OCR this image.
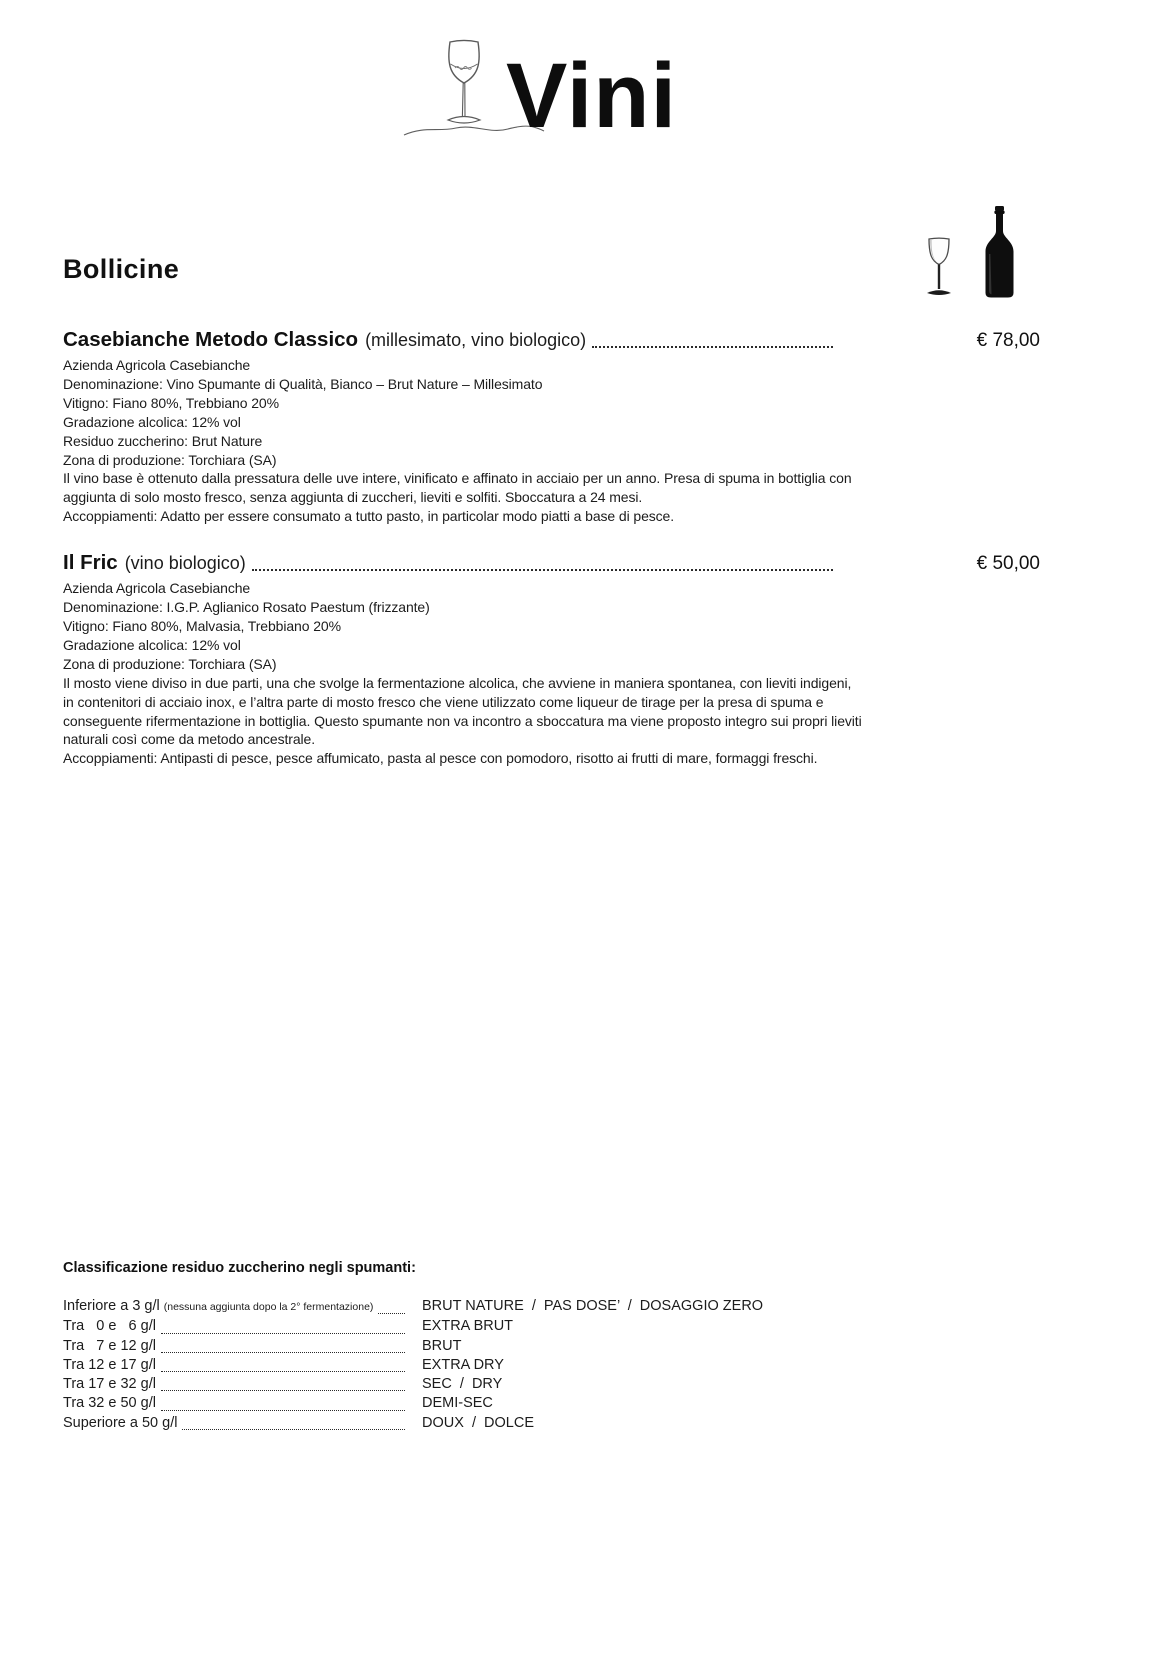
Vini
Bollicine
Casebianche Metodo Classico (millesimato, vino biologico)	€ 78,00

Azienda Agricola Casebianche

Denominazione: Vino Spumante di Qualità, Bianco – Brut Nature – Millesimato

Vitigno: Fiano 80%, Trebbiano 20%

Gradazione alcolica: 12% vol

Residuo zuccherino: Brut Nature

Zona di produzione: Torchiara (SA)

Il vino base è ottenuto dalla pressatura delle uve intere, vinificato e affinato in acciaio per un anno. Presa di spuma in bottiglia con aggiunta di solo mosto fresco, senza aggiunta di zuccheri, lieviti e solfiti. Sboccatura a 24 mesi.

Accoppiamenti: Adatto per essere consumato a tutto pasto, in particolar modo piatti a base di pesce.

Il Fric (vino biologico)	€ 50,00

Azienda Agricola Casebianche

Denominazione: I.G.P. Aglianico Rosato Paestum (frizzante)

Vitigno: Fiano 80%, Malvasia, Trebbiano 20%

Gradazione alcolica: 12% vol

Zona di produzione: Torchiara (SA)

Il mosto viene diviso in due parti, una che svolge la fermentazione alcolica, che avviene in maniera spontanea, con lieviti indigeni, in contenitori di acciaio inox, e l’altra parte di mosto fresco che viene utilizzato come liqueur de tirage per la presa di spuma e conseguente rifermentazione in bottiglia. Questo spumante non va incontro a sboccatura ma viene proposto integro sui propri lieviti naturali così come da metodo ancestrale.

Accoppiamenti: Antipasti di pesce, pesce affumicato, pasta al pesce con pomodoro, risotto ai frutti di mare, formaggi freschi.

Classificazione residuo zuccherino negli spumanti:
Inferiore a 3 g/l (nessuna aggiunta dopo la 2° fermentazione)	BRUT NATURE  /  PAS DOSE’  /  DOSAGGIO ZERO
Tra   0 e   6 g/l	EXTRA BRUT
Tra   7 e 12 g/l	BRUT
Tra 12 e 17 g/l	EXTRA DRY
Tra 17 e 32 g/l	SEC  /  DRY
Tra 32 e 50 g/l	DEMI-SEC
Superiore a 50 g/l	DOUX  /  DOLCE
